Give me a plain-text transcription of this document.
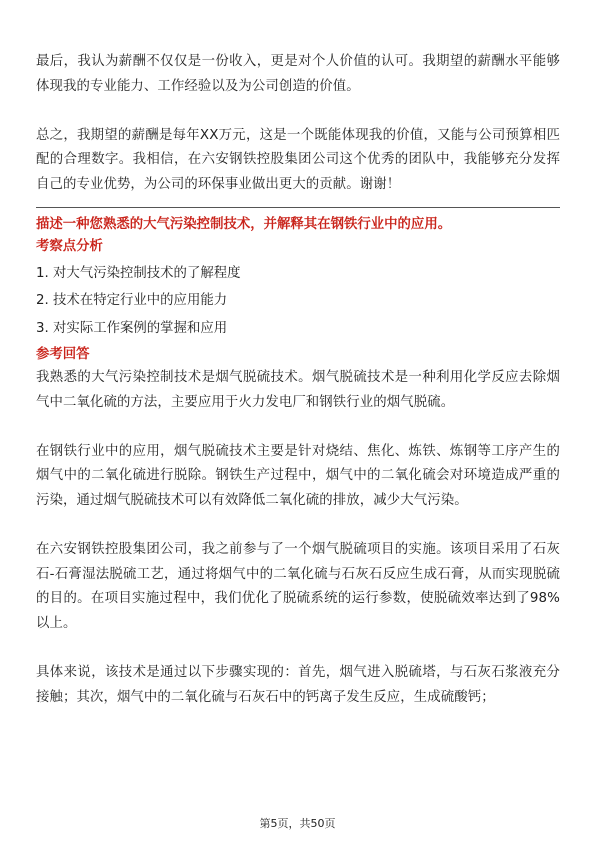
最后，我认为薪酬不仅仅是一份收入，更是对个人价值的认可。我期望的薪酬水平能够体现我的专业能力、工作经验以及为公司创造的价值。

总之，我期望的薪酬是每年XX万元，这是一个既能体现我的价值，又能与公司预算相匹配的合理数字。我相信，在六安钢铁控股集团公司这个优秀的团队中，我能够充分发挥自己的专业优势，为公司的环保事业做出更大的贡献。谢谢！

描述一种您熟悉的大气污染控制技术，并解释其在钢铁行业中的应用。

考察点分析

1. 对大气污染控制技术的了解程度
2. 技术在特定行业中的应用能力
3. 对实际工作案例的掌握和应用

参考回答

我熟悉的大气污染控制技术是烟气脱硫技术。烟气脱硫技术是一种利用化学反应去除烟气中二氧化硫的方法，主要应用于火力发电厂和钢铁行业的烟气脱硫。

在钢铁行业中的应用，烟气脱硫技术主要是针对烧结、焦化、炼铁、炼钢等工序产生的烟气中的二氧化硫进行脱除。钢铁生产过程中，烟气中的二氧化硫会对环境造成严重的污染，通过烟气脱硫技术可以有效降低二氧化硫的排放，减少大气污染。

在六安钢铁控股集团公司，我之前参与了一个烟气脱硫项目的实施。该项目采用了石灰石-石膏湿法脱硫工艺，通过将烟气中的二氧化硫与石灰石反应生成石膏，从而实现脱硫的目的。在项目实施过程中，我们优化了脱硫系统的运行参数，使脱硫效率达到了98%以上。

具体来说，该技术是通过以下步骤实现的：首先，烟气进入脱硫塔，与石灰石浆液充分接触；其次，烟气中的二氧化硫与石灰石中的钙离子发生反应，生成硫酸钙；

第5页，共50页
